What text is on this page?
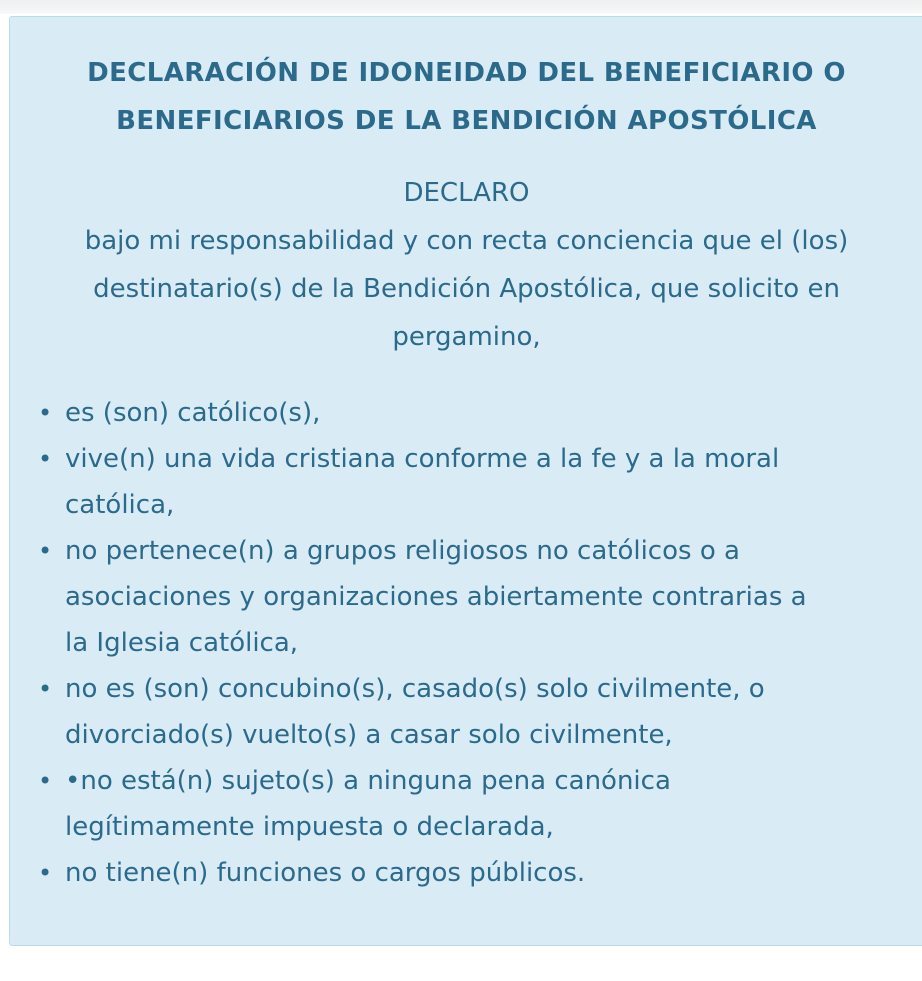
DECLARACIÓN DE IDONEIDAD DEL BENEFICIARIO O
BENEFICIARIOS DE LA BENDICIÓN APOSTÓLICA

DECLARO

bajo mi responsabilidad y con recta conciencia que el (los)

destinatario(s) de la Bendición Apostólica, que solicito en

pergamino,

• es (son) católico(s),
• vive(n) una vida cristiana conforme a la fe y a la moral
católica,
• no pertenece(n) a grupos religiosos no católicos o a
asociaciones y organizaciones abiertamente contrarias a
la Iglesia católica,
• no es (son) concubino(s), casado(s) solo civilmente, o
divorciado(s) vuelto(s) a casar solo civilmente,
• •no está(n) sujeto(s) a ninguna pena canónica
legítimamente impuesta o declarada,
• no tiene(n) funciones o cargos públicos.
